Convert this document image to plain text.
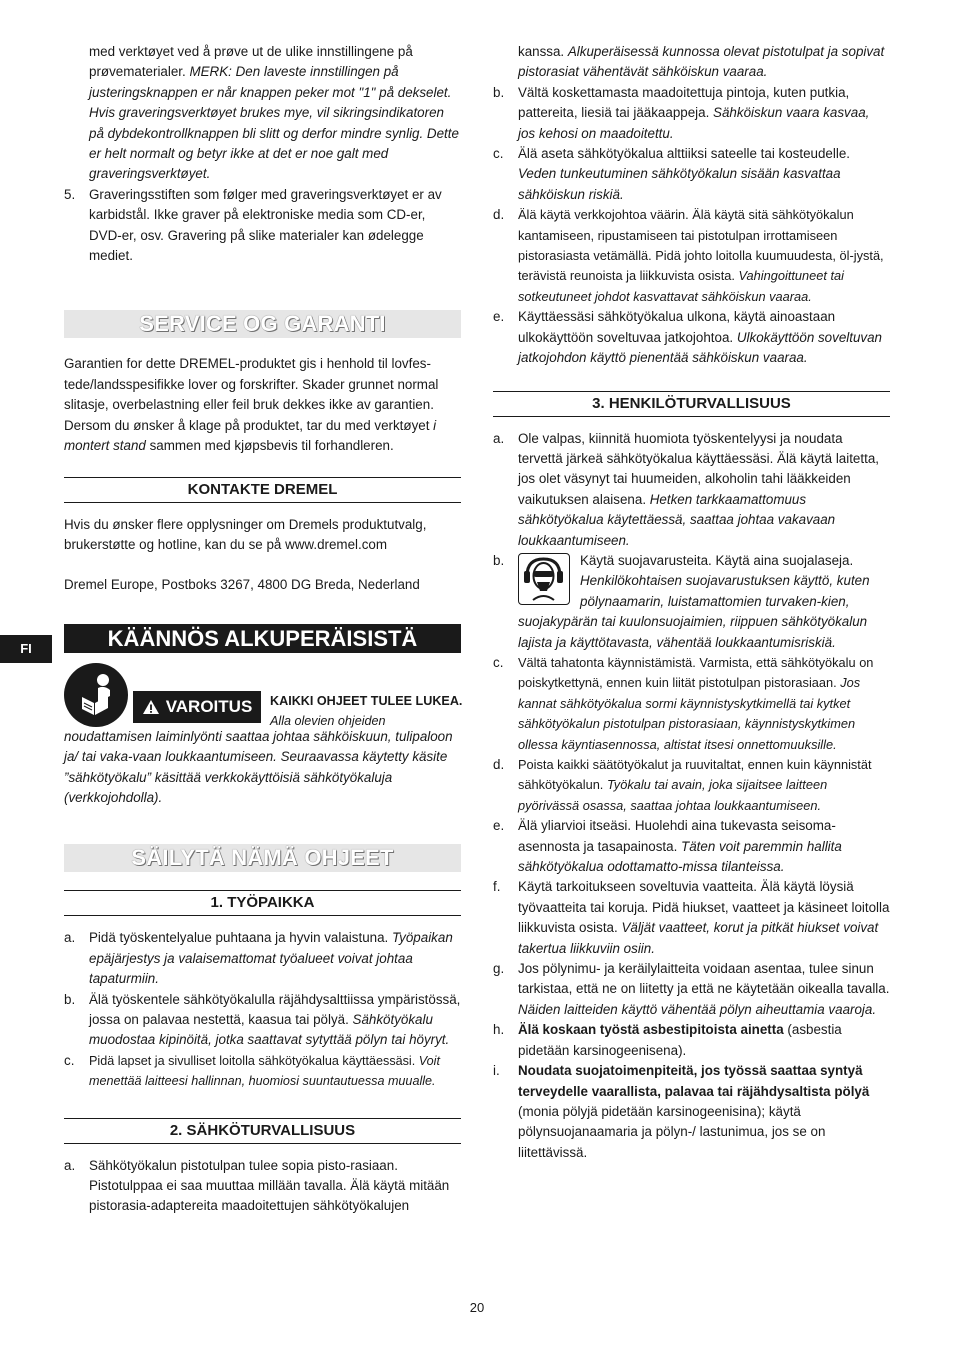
FI

med verktøyet ved å prøve ut de ulike innstillingene på prøvematerialer. MERK: Den laveste innstillingen på justeringsknappen er når knappen peker mot "1" på dekselet. Hvis graveringsverktøyet brukes mye, vil sikringsindikatoren på dybdekontrollknappen bli slitt og derfor mindre synlig. Dette er helt normalt og betyr ikke at det er noe galt med graveringsverktøyet.

5.	Graveringsstiften som følger med graveringsverktøyet er av karbidstål. Ikke graver på elektroniske media som CD-er, DVD-er, osv. Gravering på slike materialer kan ødelegge mediet.
SERVICE OG GARANTI

Garantien for dette DREMEL-produktet gis i henhold til lovfes-tede/landsspesifikke lover og forskrifter. Skader grunnet normal slitasje, overbelastning eller feil bruk dekkes ikke av garantien. Dersom du ønsker å klage på produktet, tar du med verktøyet i montert stand sammen med kjøpsbevis til forhandleren.

KONTAKTE DREMEL

Hvis du ønsker flere opplysninger om Dremels produktutvalg, brukerstøtte og hotline, kan du se på www.dremel.com

Dremel Europe, Postboks 3267, 4800 DG Breda, Nederland

KÄÄNNÖS ALKUPERÄISISTÄ OHJEISTA
VAROITUS KAIKKI OHJEET TULEE LUKEA.
Alla olevien ohjeiden

noudattamisen laiminlyönti saattaa johtaa sähköiskuun, tulipaloon ja/ tai vaka-vaan loukkaantumiseen. Seuraavassa käytetty käsite ”sähkötyökalu” käsittää verkkokäyttöisiä sähkötyökaluja (verkkojohdolla).

SÄILYTÄ NÄMÄ OHJEET
1. TYÖPAIKKA
a.	Pidä työskentelyalue puhtaana ja hyvin valaistuna. Työpaikan epäjärjestys ja valaisemattomat työalueet voivat johtaa tapaturmiin.
b.	Älä työskentele sähkötyökalulla räjähdysalttiissa ympäristössä, jossa on palavaa nestettä, kaasua tai pölyä. Sähkötyökalu muodostaa kipinöitä, jotka saattavat sytyttää pölyn tai höyryt.
c.	Pidä lapset ja sivulliset loitolla sähkötyökalua käyttäessäsi. Voit menettää laitteesi hallinnan, huomiosi suuntautuessa muualle.
2. SÄHKÖTURVALLISUUS
a.	Sähkötyökalun pistotulpan tulee sopia pisto-rasiaan. Pistotulppaa ei saa muuttaa millään tavalla. Älä käytä mitään pistorasia-adaptereita maadoitettujen sähkötyökalujen

kanssa. Alkuperäisessä kunnossa olevat pistotulpat ja sopivat pistorasiat vähentävät sähköiskun vaaraa.

b.	Vältä koskettamasta maadoitettuja pintoja, kuten putkia, pattereita, liesiä tai jääkaappeja. Sähköiskun vaara kasvaa, jos kehosi on maadoitettu.
c.	Älä aseta sähkötyökalua alttiiksi sateelle tai kosteudelle. Veden tunkeutuminen sähkötyökalun sisään kasvattaa sähköiskun riskiä.
d.	Älä käytä verkkojohtoa väärin. Älä käytä sitä sähkötyökalun kantamiseen, ripustamiseen tai pistotulpan irrottamiseen pistorasiasta vetämällä. Pidä johto loitolla kuumuudesta, öl-jystä, terävistä reunoista ja liikkuvista osista. Vahingoittuneet tai sotkeutuneet johdot kasvattavat sähköiskun vaaraa.
e.	Käyttäessäsi sähkötyökalua ulkona, käytä ainoastaan ulkokäyttöön soveltuvaa jatkojohtoa. Ulkokäyttöön soveltuvan jatkojohdon käyttö pienentää sähköiskun vaaraa.
3. HENKILÖTURVALLISUUS
a.	Ole valpas, kiinnitä huomiota työskentelyysi ja noudata tervettä järkeä sähkötyökalua käyttäessäsi. Älä käytä laitetta, jos olet väsynyt tai huumeiden, alkoholin tahi lääkkeiden vaikutuksen alaisena. Hetken tarkkaamattomuus sähkötyökalua käytettäessä, saattaa johtaa vakavaan loukkaantumiseen.
b.	Käytä suojavarusteita. Käytä aina suojalaseja. Henkilökohtaisen suojavarustuksen käyttö, kuten pölynaamarin, luistamattomien turvaken-kien, suojakypärän tai kuulonsuojaimien, riippuen sähkötyökalun lajista ja käyttötavasta, vähentää loukkaantumisriskiä.
c.	Vältä tahatonta käynnistämistä. Varmista, että sähkötyökalu on poiskytkettynä, ennen kuin liität pistotulpan pistorasiaan. Jos kannat sähkötyökalua sormi käynnistyskytkimellä tai kytket sähkötyökalun pistotulpan pistorasiaan, käynnistyskytkimen ollessa käyntiasennossa, altistat itsesi onnettomuuksille.
d.	Poista kaikki säätötyökalut ja ruuvitaltat, ennen kuin käynnistät sähkötyökalun. Työkalu tai avain, joka sijaitsee laitteen pyörivässä osassa, saattaa johtaa loukkaantumiseen.
e.	Älä yliarvioi itseäsi. Huolehdi aina tukevasta seisoma-asennosta ja tasapainosta. Täten voit paremmin hallita sähkötyökalua odottamatto-missa tilanteissa.
f.	Käytä tarkoitukseen soveltuvia vaatteita. Älä käytä löysiä työvaatteita tai koruja. Pidä hiukset, vaatteet ja käsineet loitolla liikkuvista osista. Väljät vaatteet, korut ja pitkät hiukset voivat takertua liikkuviin osiin.
g.	Jos pölynimu- ja keräilylaitteita voidaan asentaa, tulee sinun tarkistaa, että ne on liitetty ja että ne käytetään oikealla tavalla. Näiden laitteiden käyttö vähentää pölyn aiheuttamia vaaroja.
h.	Älä koskaan työstä asbestipitoista ainetta (asbestia pidetään karsinogeenisena).
i.	Noudata suojatoimenpiteitä, jos työssä saattaa syntyä terveydelle vaarallista, palavaa tai räjähdysaltista pölyä (monia pölyjä pidetään karsinogeenisina); käytä pölynsuojanaamaria ja pölyn-/ lastunimua, jos se on liitettävissä.
20
